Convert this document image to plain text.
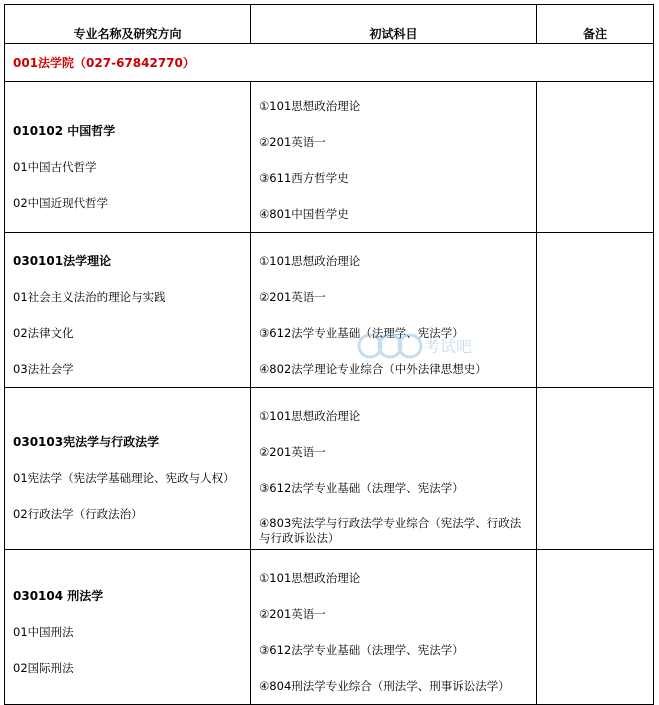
专业名称及研究方向	初试科目	备注
001法学院（027-67842770）		

010102 中国哲学
01中国古代哲学
02中国近现代哲学	①101思想政治理论
②201英语一
③611西方哲学史
④801中国哲学史	

030101法学理论
01社会主义法治的理论与实践
02法律文化
03法社会学	①101思想政治理论
②201英语一
③612法学专业基础（法理学、宪法学）
④802法学理论专业综合（中外法律思想史）	

030103宪法学与行政法学
01宪法学（宪法学基础理论、宪政与人权）
02行政法学（行政法治）	①101思想政治理论
②201英语一
③612法学专业基础（法理学、宪法学）
④803宪法学与行政法学专业综合（宪法学、行政法与行政诉讼法）	

030104 刑法学
01中国刑法
02国际刑法	①101思想政治理论
②201英语一
③612法学专业基础（法理学、宪法学）
④804刑法学专业综合（刑法学、刑事诉讼法学）	

考试吧
